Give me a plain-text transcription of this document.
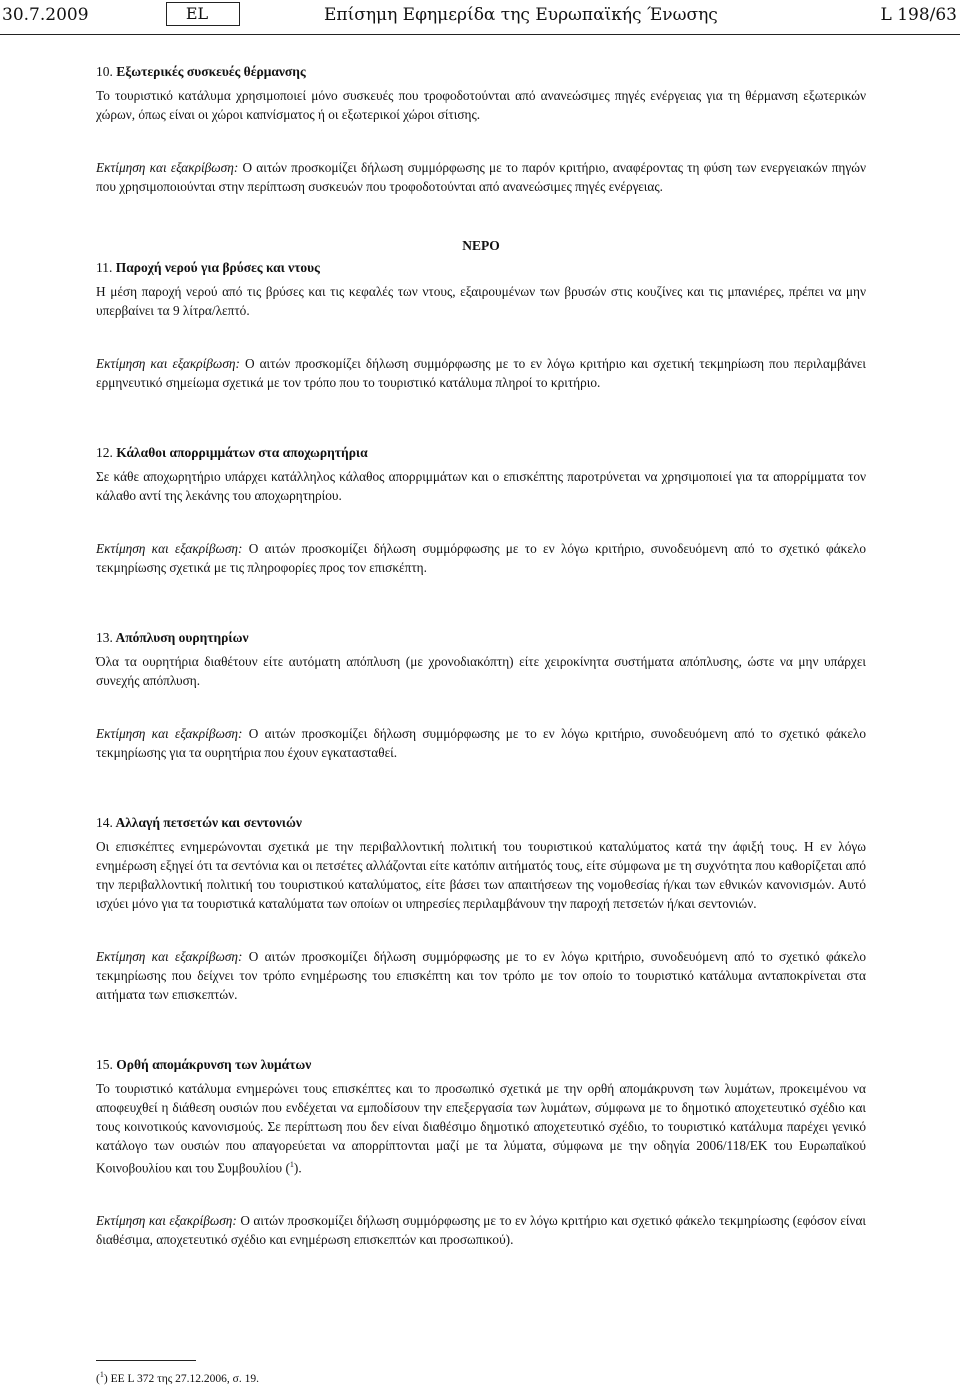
30.7.2009	EL	Επίσημη Εφημερίδα της Ευρωπαϊκής Ένωσης	L 198/63

10. Εξωτερικές συσκευές θέρμανσης

Το τουριστικό κατάλυμα χρησιμοποιεί μόνο συσκευές που τροφοδοτούνται από ανανεώσιμες πηγές ενέργειας για τη θέρμανση εξωτερικών χώρων, όπως είναι οι χώροι καπνίσματος ή οι εξωτερικοί χώροι σίτισης.

Εκτίμηση και εξακρίβωση: Ο αιτών προσκομίζει δήλωση συμμόρφωσης με το παρόν κριτήριο, αναφέροντας τη φύση των ενεργειακών πηγών που χρησιμοποιούνται στην περίπτωση συσκευών που τροφοδοτούνται από ανανεώσιμες πηγές ενέργειας.

ΝΕΡΟ

11. Παροχή νερού για βρύσες και ντους

Η μέση παροχή νερού από τις βρύσες και τις κεφαλές των ντους, εξαιρουμένων των βρυσών στις κουζίνες και τις μπανιέρες, πρέπει να μην υπερβαίνει τα 9 λίτρα/λεπτό.

Εκτίμηση και εξακρίβωση: Ο αιτών προσκομίζει δήλωση συμμόρφωσης με το εν λόγω κριτήριο και σχετική τεκμηρίωση που περιλαμβάνει ερμηνευτικό σημείωμα σχετικά με τον τρόπο που το τουριστικό κατάλυμα πληροί το κριτήριο.

12. Κάλαθοι απορριμμάτων στα αποχωρητήρια

Σε κάθε αποχωρητήριο υπάρχει κατάλληλος κάλαθος απορριμμάτων και ο επισκέπτης παροτρύνεται να χρησιμοποιεί για τα απορρίμματα τον κάλαθο αντί της λεκάνης του αποχωρητηρίου.

Εκτίμηση και εξακρίβωση: Ο αιτών προσκομίζει δήλωση συμμόρφωσης με το εν λόγω κριτήριο, συνοδευόμενη από το σχετικό φάκελο τεκμηρίωσης σχετικά με τις πληροφορίες προς τον επισκέπτη.

13. Απόπλυση ουρητηρίων

Όλα τα ουρητήρια διαθέτουν είτε αυτόματη απόπλυση (με χρονοδιακόπτη) είτε χειροκίνητα συστήματα απόπλυσης, ώστε να μην υπάρχει συνεχής απόπλυση.

Εκτίμηση και εξακρίβωση: Ο αιτών προσκομίζει δήλωση συμμόρφωσης με το εν λόγω κριτήριο, συνοδευόμενη από το σχετικό φάκελο τεκμηρίωσης για τα ουρητήρια που έχουν εγκατασταθεί.

14. Αλλαγή πετσετών και σεντονιών

Οι επισκέπτες ενημερώνονται σχετικά με την περιβαλλοντική πολιτική του τουριστικού καταλύματος κατά την άφιξή τους. Η εν λόγω ενημέρωση εξηγεί ότι τα σεντόνια και οι πετσέτες αλλάζονται είτε κατόπιν αιτήματός τους, είτε σύμφωνα με τη συχνότητα που καθορίζεται από την περιβαλλοντική πολιτική του τουριστικού καταλύματος, είτε βάσει των απαιτήσεων της νομοθεσίας ή/και των εθνικών κανονισμών. Αυτό ισχύει μόνο για τα τουριστικά καταλύματα των οποίων οι υπηρεσίες περιλαμβάνουν την παροχή πετσετών ή/και σεντονιών.

Εκτίμηση και εξακρίβωση: Ο αιτών προσκομίζει δήλωση συμμόρφωσης με το εν λόγω κριτήριο, συνοδευόμενη από το σχετικό φάκελο τεκμηρίωσης που δείχνει τον τρόπο ενημέρωσης του επισκέπτη και τον τρόπο με τον οποίο το τουριστικό κατάλυμα ανταποκρίνεται στα αιτήματα των επισκεπτών.

15. Ορθή απομάκρυνση των λυμάτων

Το τουριστικό κατάλυμα ενημερώνει τους επισκέπτες και το προσωπικό σχετικά με την ορθή απομάκρυνση των λυμάτων, προκειμένου να αποφευχθεί η διάθεση ουσιών που ενδέχεται να εμποδίσουν την επεξεργασία των λυμάτων, σύμφωνα με το δημοτικό αποχετευτικό σχέδιο και τους κοινοτικούς κανονισμούς. Σε περίπτωση που δεν είναι διαθέσιμο δημοτικό αποχετευτικό σχέδιο, το τουριστικό κατάλυμα παρέχει γενικό κατάλογο των ουσιών που απαγορεύεται να απορρίπτονται μαζί με τα λύματα, σύμφωνα με την οδηγία 2006/118/ΕΚ του Ευρωπαϊκού Κοινοβουλίου και του Συμβουλίου ($^1$).

Εκτίμηση και εξακρίβωση: Ο αιτών προσκομίζει δήλωση συμμόρφωσης με το εν λόγω κριτήριο και σχετικό φάκελο τεκμηρίωσης (εφόσον είναι διαθέσιμα, αποχετευτικό σχέδιο και ενημέρωση επισκεπτών και προσωπικού).

($^1$) ΕΕ L 372 της 27.12.2006, σ. 19.
